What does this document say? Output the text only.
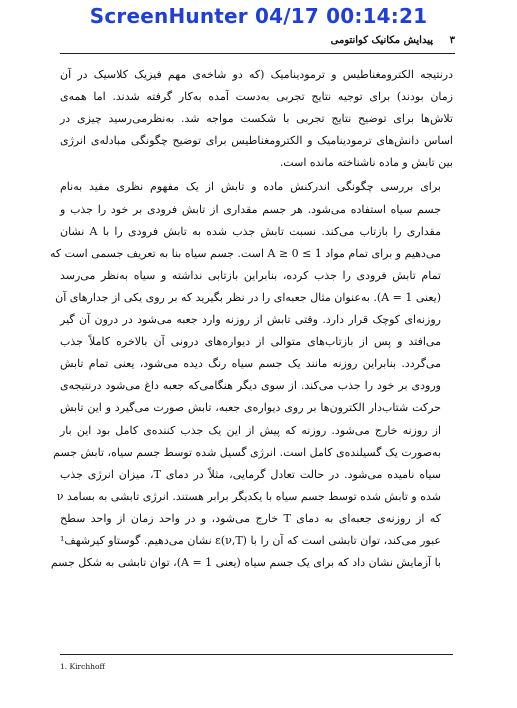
ScreenHunter 04/17 00:14:21
۳
پیدایش مکانیک کوانتومی
درنتیجه الکترومغناطیس و ترمودینامیک (که دو شاخه‌ی مهم فیزیک کلاسیک در آن
زمان بودند) برای توجیه نتایج تجربی به‌دست آمده به‌کار گرفته شدند. اما همه‌ی
تلاش‌ها برای توضیح نتایج تجربی با شکست مواجه شد. به‌نظرمی‌رسید چیزی در
اساس دانش‌های ترمودینامیک و الکترومغناطیس برای توضیح چگونگی مبادله‌ی انرژی
بین تابش و ماده ناشناخته مانده است.
برای بررسی چگونگی اندرکنش ماده و تابش از یک مفهوم نظری مفید به‌نام
جسم سیاه استفاده می‌شود. هر جسم مقداری از تابش فرودی بر خود را جذب و
مقداری را بازتاب می‌کند. نسبت تابش جذب شده به تابش فرودی را با A نشان
می‌دهیم و برای تمام مواد 1 ≥ A ≥ 0 است. جسم سیاه بنا به تعریف جسمی است که
تمام تابش فرودی را جذب کرده، بنابراین بازتابی نداشته و سیاه به‌نظر می‌رسد
(یعنی A = 1). به‌عنوان مثال جعبه‌ای را در نظر بگیرید که بر روی یکی از جدارهای آن
روزنه‌ای کوچک قرار دارد. وقتی تابش از روزنه وارد جعبه می‌شود در درون آن گیر
می‌افتد و پس از بازتاب‌های متوالی از دیواره‌های درونی آن بالاخره کاملاً جذب
می‌گردد. بنابراین روزنه مانند یک جسم سیاه رنگ دیده می‌شود، یعنی تمام تابش
ورودی بر خود را جذب می‌کند. از سوی دیگر هنگامی‌که جعبه داغ می‌شود درنتیجه‌ی
حرکت شتاب‌دار الکترون‌ها بر روی دیواره‌ی جعبه، تابش صورت می‌گیرد و این تابش
از روزنه خارج می‌شود. روزنه که پیش از این یک جذب کننده‌ی کامل بود این بار
به‌صورت یک گسیلنده‌ی کامل است. انرژی گسیل شده توسط جسم سیاه، تابش جسم
سیاه نامیده می‌شود. در حالت تعادل گرمایی، مثلاً در دمای T، میزان انرژی جذب
شده و تابش شده توسط جسم سیاه با یکدیگر برابر هستند. انرژی تابشی به بسامد ν
که از روزنه‌ی جعبه‌ای به دمای T خارج می‌شود، و در واحد زمان از واحد سطح
عبور می‌کند، توان تابشی است که آن را با ε(ν,T) نشان می‌دهیم. گوستاو کیرشهف¹
با آزمایش نشان داد که برای یک جسم سیاه (یعنی A = 1)، توان تابشی به شکل جسم
1. Kirchhoff
